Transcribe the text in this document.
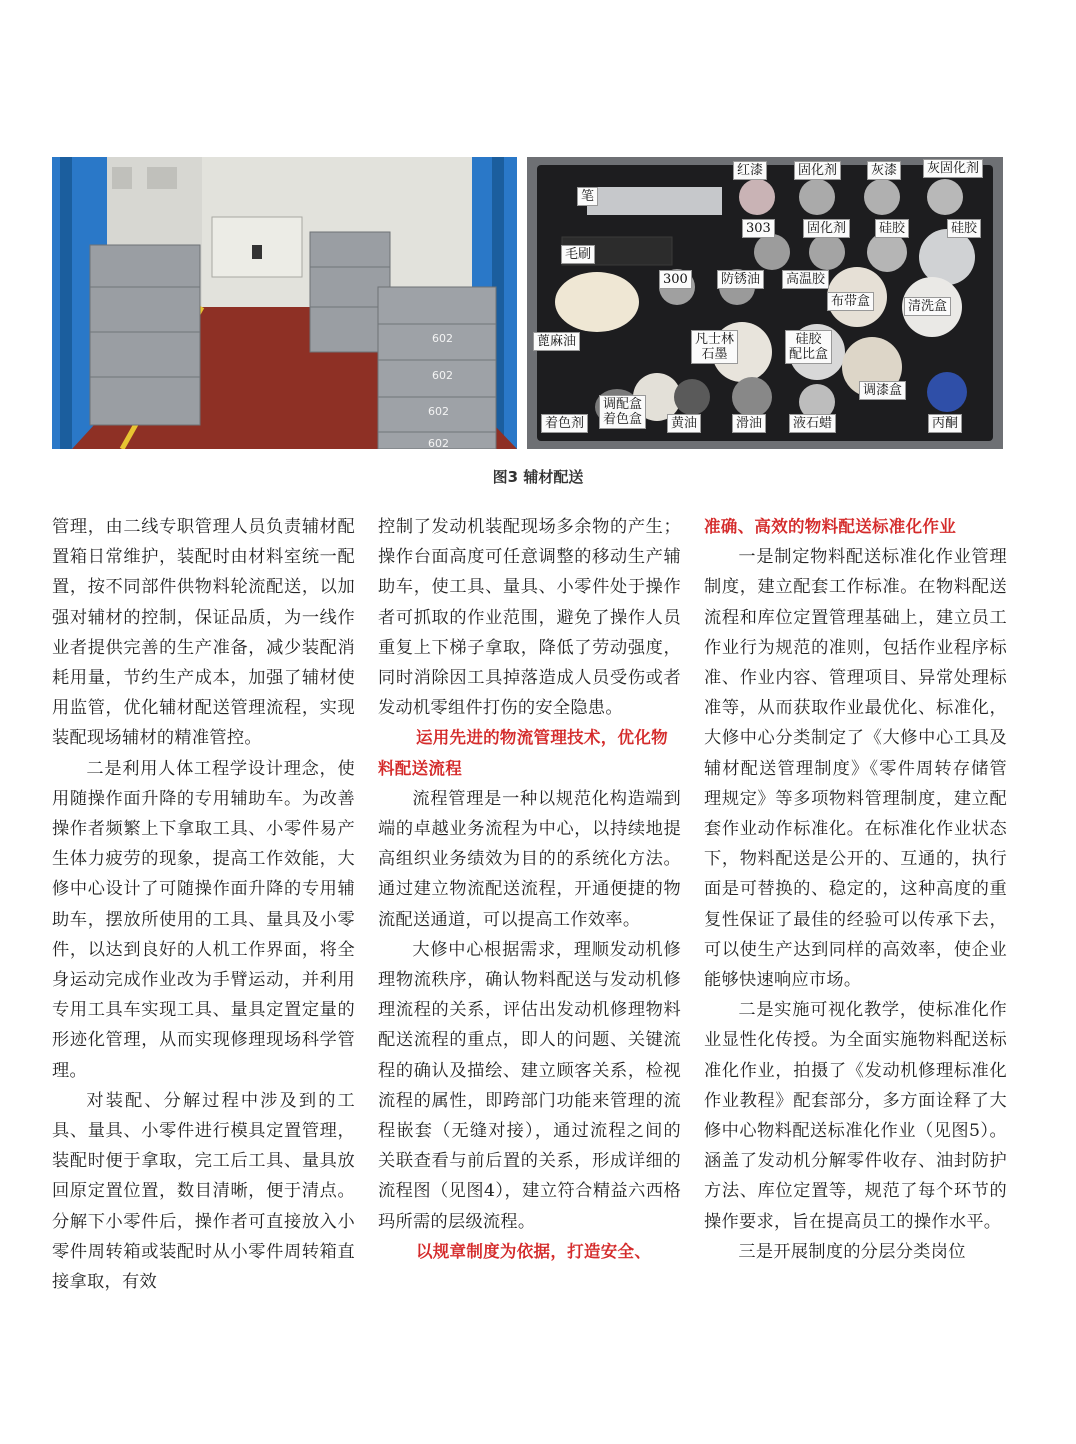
602
602
602
602
红漆	固化剂	灰漆	灰固化剂
笔
303	固化剂	硅胶	硅胶
毛刷
300	防锈油	高温胶
布带盒	清洗盒
蓖麻油	凡士林
石墨
硅胶
配比盒
调漆盒
调配盒
着色盒
着色剂	黄油	滑油	液石蜡	丙酮
图3 辅材配送

管理，由二线专职管理人员负责辅材配置箱日常维护，装配时由材料室统一配置，按不同部件供物料轮流配送，以加强对辅材的控制，保证品质，为一线作业者提供完善的生产准备，减少装配消耗用量，节约生产成本，加强了辅材使用监管，优化辅材配送管理流程，实现装配现场辅材的精准管控。

二是利用人体工程学设计理念，使用随操作面升降的专用辅助车。为改善操作者频繁上下拿取工具、小零件易产生体力疲劳的现象，提高工作效能，大修中心设计了可随操作面升降的专用辅助车，摆放所使用的工具、量具及小零件，以达到良好的人机工作界面，将全身运动完成作业改为手臂运动，并利用专用工具车实现工具、量具定置定量的形迹化管理，从而实现修理现场科学管理。

对装配、分解过程中涉及到的工具、量具、小零件进行模具定置管理，装配时便于拿取，完工后工具、量具放回原定置位置，数目清晰，便于清点。分解下小零件后，操作者可直接放入小零件周转箱或装配时从小零件周转箱直接拿取，有效

控制了发动机装配现场多余物的产生；操作台面高度可任意调整的移动生产辅助车，使工具、量具、小零件处于操作者可抓取的作业范围，避免了操作人员重复上下梯子拿取，降低了劳动强度，同时消除因工具掉落造成人员受伤或者发动机零组件打伤的安全隐患。

运用先进的物流管理技术，优化物料配送流程

流程管理是一种以规范化构造端到端的卓越业务流程为中心，以持续地提高组织业务绩效为目的的系统化方法。通过建立物流配送流程，开通便捷的物流配送通道，可以提高工作效率。

大修中心根据需求，理顺发动机修理物流秩序，确认物料配送与发动机修理流程的关系，评估出发动机修理物料配送流程的重点，即人的问题、关键流程的确认及描绘、建立顾客关系，检视流程的属性，即跨部门功能来管理的流程嵌套（无缝对接），通过流程之间的关联查看与前后置的关系，形成详细的流程图（见图4），建立符合精益六西格玛所需的层级流程。

以规章制度为依据，打造安全、
准确、高效的物料配送标准化作业

一是制定物料配送标准化作业管理制度，建立配套工作标准。在物料配送流程和库位定置管理基础上，建立员工作业行为规范的准则，包括作业程序标准、作业内容、管理项目、异常处理标准等，从而获取作业最优化、标准化，大修中心分类制定了《大修中心工具及辅材配送管理制度》《零件周转存储管理规定》等多项物料管理制度，建立配套作业动作标准化。在标准化作业状态下，物料配送是公开的、互通的，执行面是可替换的、稳定的，这种高度的重复性保证了最佳的经验可以传承下去，可以使生产达到同样的高效率，使企业能够快速响应市场。

二是实施可视化教学，使标准化作业显性化传授。为全面实施物料配送标准化作业，拍摄了《发动机修理标准化作业教程》配套部分，多方面诠释了大修中心物料配送标准化作业（见图5）。涵盖了发动机分解零件收存、油封防护方法、库位定置等，规范了每个环节的操作要求，旨在提高员工的操作水平。

三是开展制度的分层分类岗位
